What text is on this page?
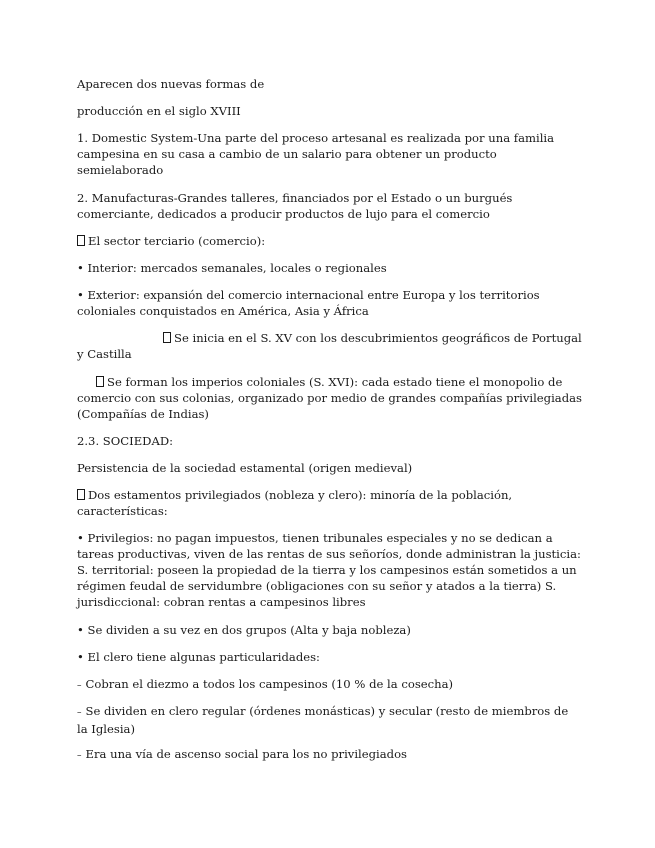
Aparecen dos nuevas formas de

producción en el siglo XVIII

1. Domestic System-Una parte del proceso artesanal es realizada por una familia campesina en su casa a cambio de un salario para obtener un producto semielaborado

2. Manufacturas-Grandes talleres, financiados por el Estado o un burgués comerciante, dedicados a producir productos de lujo para el comercio

El sector terciario (comercio):

• Interior: mercados semanales, locales o regionales

• Exterior: expansión del comercio internacional entre Europa y los territorios coloniales conquistados en América, Asia y África

Se inicia en el S. XV con los descubrimientos geográficos de Portugal y Castilla

Se forman los imperios coloniales (S. XVI): cada estado tiene el monopolio de comercio con sus colonias, organizado por medio de grandes compañías privilegiadas (Compañías de Indias)

2.3. SOCIEDAD:

Persistencia de la sociedad estamental (origen medieval)

Dos estamentos privilegiados (nobleza y clero): minoría de la población, características:

• Privilegios: no pagan impuestos, tienen tribunales especiales y no se dedican a tareas productivas, viven de las rentas de sus señoríos, donde administran la justicia: S. territorial: poseen la propiedad de la tierra y los campesinos están sometidos a un régimen feudal de servidumbre (obligaciones con su señor y atados a la tierra) S. jurisdiccional: cobran rentas a campesinos libres

• Se dividen a su vez en dos grupos (Alta y baja nobleza)

• El clero tiene algunas particularidades:

– Cobran el diezmo a todos los campesinos (10 % de la cosecha)

– Se dividen en clero regular (órdenes monásticas) y secular (resto de miembros de la Iglesia)

– Era una vía de ascenso social para los no privilegiados
